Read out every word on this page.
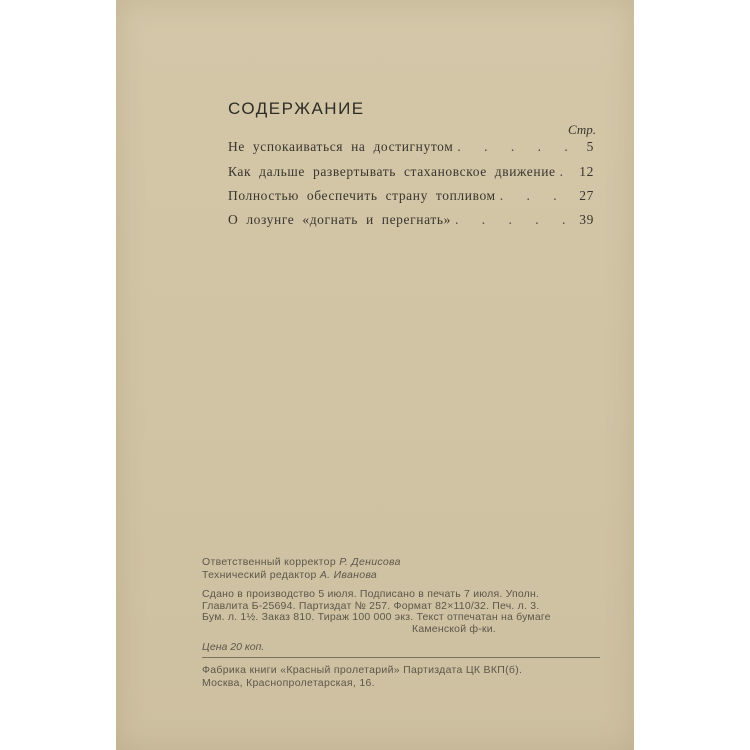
СОДЕРЖАНИЕ
Стр.
Не успокаиваться на достигнутом . . .	5
Как дальше развертывать стахановское движение . . .	12
Полностью обеспечить страну топливом . . .	27
О лозунге «догнать и перегнать» . . .	39
Ответственный корректор Р. Денисова
Технический редактор А. Иванова
Сдано в производство 5 июля. Подписано в печать 7 июля. Уполн.
Главлита Б-25694. Партиздат № 257. Формат 82×110/32. Печ. л. 3.
Бум. л. 1½. Заказ 810. Тираж 100 000 экз. Текст отпечатан на бумаге
Каменской ф-ки.
Цена 20 коп.
Фабрика книги «Красный пролетарий» Партиздата ЦК ВКП(б).
Москва, Краснопролетарская, 16.
